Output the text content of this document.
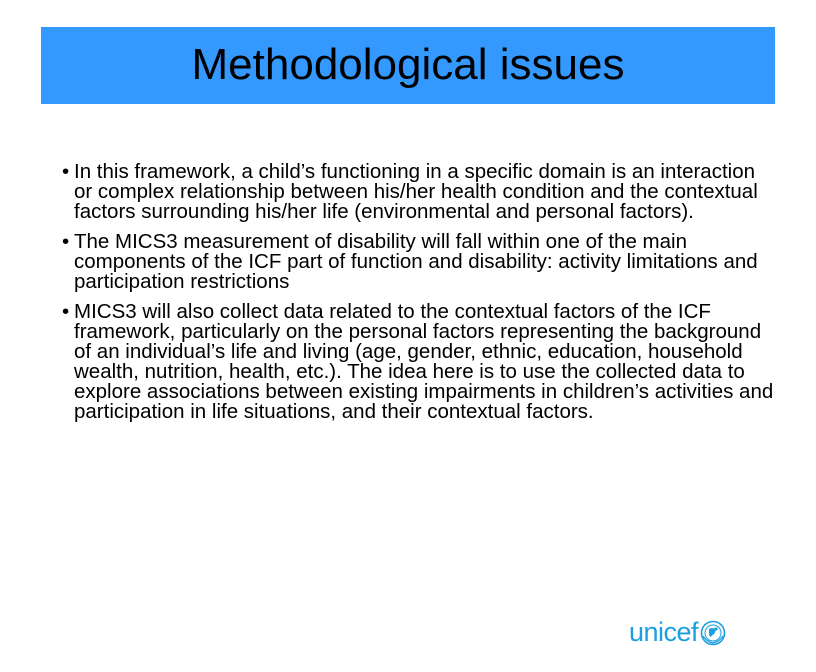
Methodological issues
• In this framework, a child’s functioning in a specific domain is an interaction or complex relationship between his/her health condition and the contextual factors surrounding his/her life (environmental and personal factors).
• The MICS3 measurement of disability will fall within one of the main components of the ICF part of function and disability: activity limitations and participation restrictions
• MICS3 will also collect data related to the contextual factors of the ICF framework, particularly on the personal factors representing the background of an individual’s life and living (age, gender, ethnic, education, household wealth, nutrition, health, etc.). The idea here is to use the collected data to explore associations between existing impairments in children’s activities and participation in life situations, and their contextual factors.
unicef
